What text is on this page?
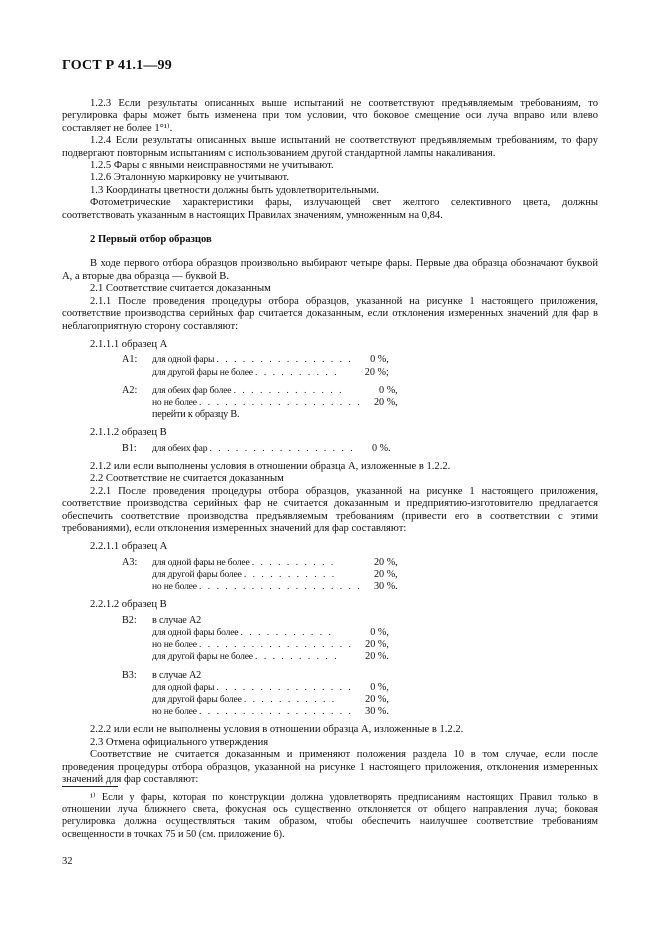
ГОСТ Р 41.1—99

1.2.3 Если результаты описанных выше испытаний не соответствуют предъявляемым требованиям, то регулировка фары может быть изменена при том условии, что боковое смещение оси луча вправо или влево составляет не более 1°¹⁾.

1.2.4 Если результаты описанных выше испытаний не соответствуют предъявляемым требованиям, то фару подвергают повторным испытаниям с использованием другой стандартной лампы накаливания.

1.2.5 Фары с явными неисправностями не учитывают.

1.2.6 Эталонную маркировку не учитывают.

1.3 Координаты цветности должны быть удовлетворительными.

Фотометрические характеристики фары, излучающей свет желтого селективного цвета, должны соответствовать указанным в настоящих Правилах значениям, умноженным на 0,84.

2 Первый отбор образцов

В ходе первого отбора образцов произвольно выбирают четыре фары. Первые два образца обозначают буквой А, а вторые два образца — буквой В.

2.1 Соответствие считается доказанным

2.1.1 После проведения процедуры отбора образцов, указанной на рисунке 1 настоящего приложения, соответствие производства серийных фар считается доказанным, если отклонения измеренных значений для фар в неблагоприятную сторону составляют:

2.1.1.1 образец А

А1:	для одной фары . . . . . . . . . . . . . . . .	0 %,
	для другой фары не более . . . . . . . . . .	20 %;
А2:	для обеих фар более . . . . . . . . . . . . .	0 %,
	но не более . . . . . . . . . . . . . . . . . . .	20 %,
	перейти к образцу В.	

2.1.1.2 образец В

В1:	для обеих фар . . . . . . . . . . . . . . . . .	0 %.

2.1.2 или если выполнены условия в отношении образца А, изложенные в 1.2.2.

2.2 Соответствие не считается доказанным

2.2.1 После проведения процедуры отбора образцов, указанной на рисунке 1 настоящего приложения, соответствие производства серийных фар не считается доказанным и предприятию-изготовителю предлагается обеспечить соответствие производства предъявляемым требованиям (привести его в соответствии с этими требованиями), если отклонения измеренных значений для фар составляют:

2.2.1.1 образец А

А3:	для одной фары не более . . . . . . . . . .	20 %,
	для другой фары более . . . . . . . . . . .	20 %,
	но не более . . . . . . . . . . . . . . . . . . .	30 %.

2.2.1.2 образец В

В2:	в случае А2	
	для одной фары более . . . . . . . . . . .	0 %,
	но не более . . . . . . . . . . . . . . . . . .	20 %,
	для другой фары не более . . . . . . . . . .	20 %.
В3:	в случае А2	
	для одной фары . . . . . . . . . . . . . . . .	0 %,
	для другой фары более . . . . . . . . . . .	20 %,
	но не более . . . . . . . . . . . . . . . . . .	30 %.

2.2.2 или если не выполнены условия в отношении образца А, изложенные в 1.2.2.

2.3 Отмена официального утверждения

Соответствие не считается доказанным и применяют положения раздела 10 в том случае, если после проведения процедуры отбора образцов, указанной на рисунке 1 настоящего приложения, отклонения измеренных значений для фар составляют:

¹⁾ Если у фары, которая по конструкции должна удовлетворять предписаниям настоящих Правил только в отношении луча ближнего света, фокусная ось существенно отклоняется от общего направления луча; боковая регулировка должна осуществляться таким образом, чтобы обеспечить наилучшее соответствие требованиям освещенности в точках 75 и 50 (см. приложение 6).
32
